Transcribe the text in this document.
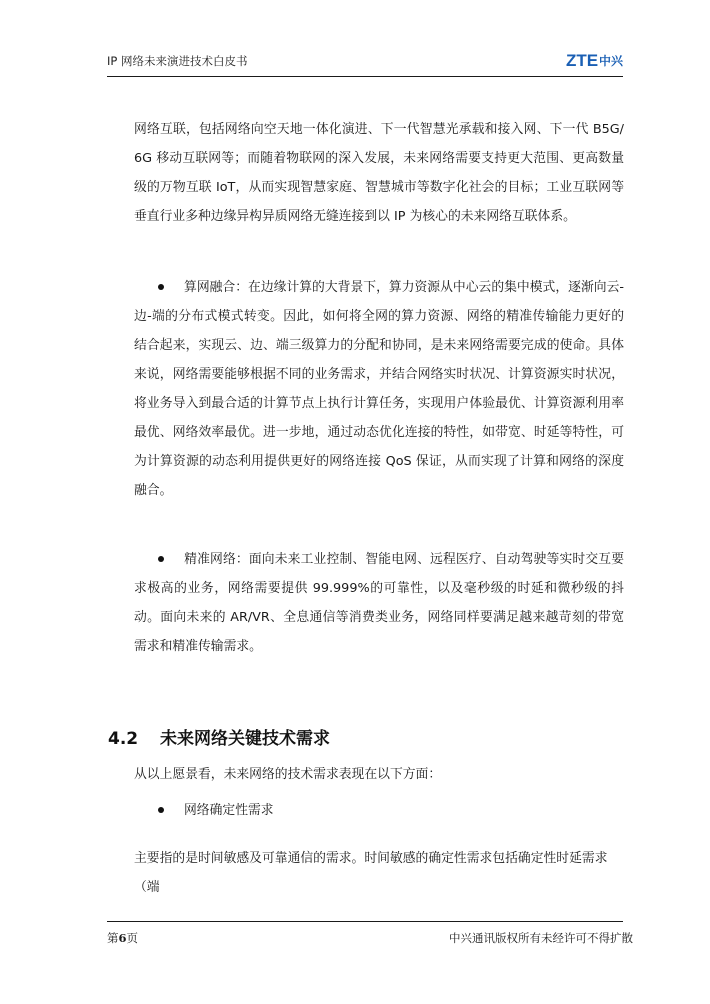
IP 网络未来演进技术白皮书	ZTE 中兴

网络互联，包括网络向空天地一体化演进、下一代智慧光承载和接入网、下一代 B5G/6G 移动互联网等；而随着物联网的深入发展，未来网络需要支持更大范围、更高数量级的万物互联 IoT，从而实现智慧家庭、智慧城市等数字化社会的目标；工业互联网等垂直行业多种边缘异构异质网络无缝连接到以 IP 为核心的未来网络互联体系。

算网融合：在边缘计算的大背景下，算力资源从中心云的集中模式，逐渐向云-边-端的分布式模式转变。因此，如何将全网的算力资源、网络的精准传输能力更好的结合起来，实现云、边、端三级算力的分配和协同，是未来网络需要完成的使命。具体来说，网络需要能够根据不同的业务需求，并结合网络实时状况、计算资源实时状况，将业务导入到最合适的计算节点上执行计算任务，实现用户体验最优、计算资源利用率最优、网络效率最优。进一步地，通过动态优化连接的特性，如带宽、时延等特性，可为计算资源的动态利用提供更好的网络连接 QoS 保证，从而实现了计算和网络的深度融合。

精准网络：面向未来工业控制、智能电网、远程医疗、自动驾驶等实时交互要求极高的业务，网络需要提供 99.999%的可靠性，以及毫秒级的时延和微秒级的抖动。面向未来的 AR/VR、全息通信等消费类业务，网络同样要满足越来越苛刻的带宽需求和精准传输需求。

4.2 未来网络关键技术需求

从以上愿景看，未来网络的技术需求表现在以下方面：

网络确定性需求

主要指的是时间敏感及可靠通信的需求。时间敏感的确定性需求包括确定性时延需求（端

第6页	中兴通讯版权所有未经许可不得扩散
